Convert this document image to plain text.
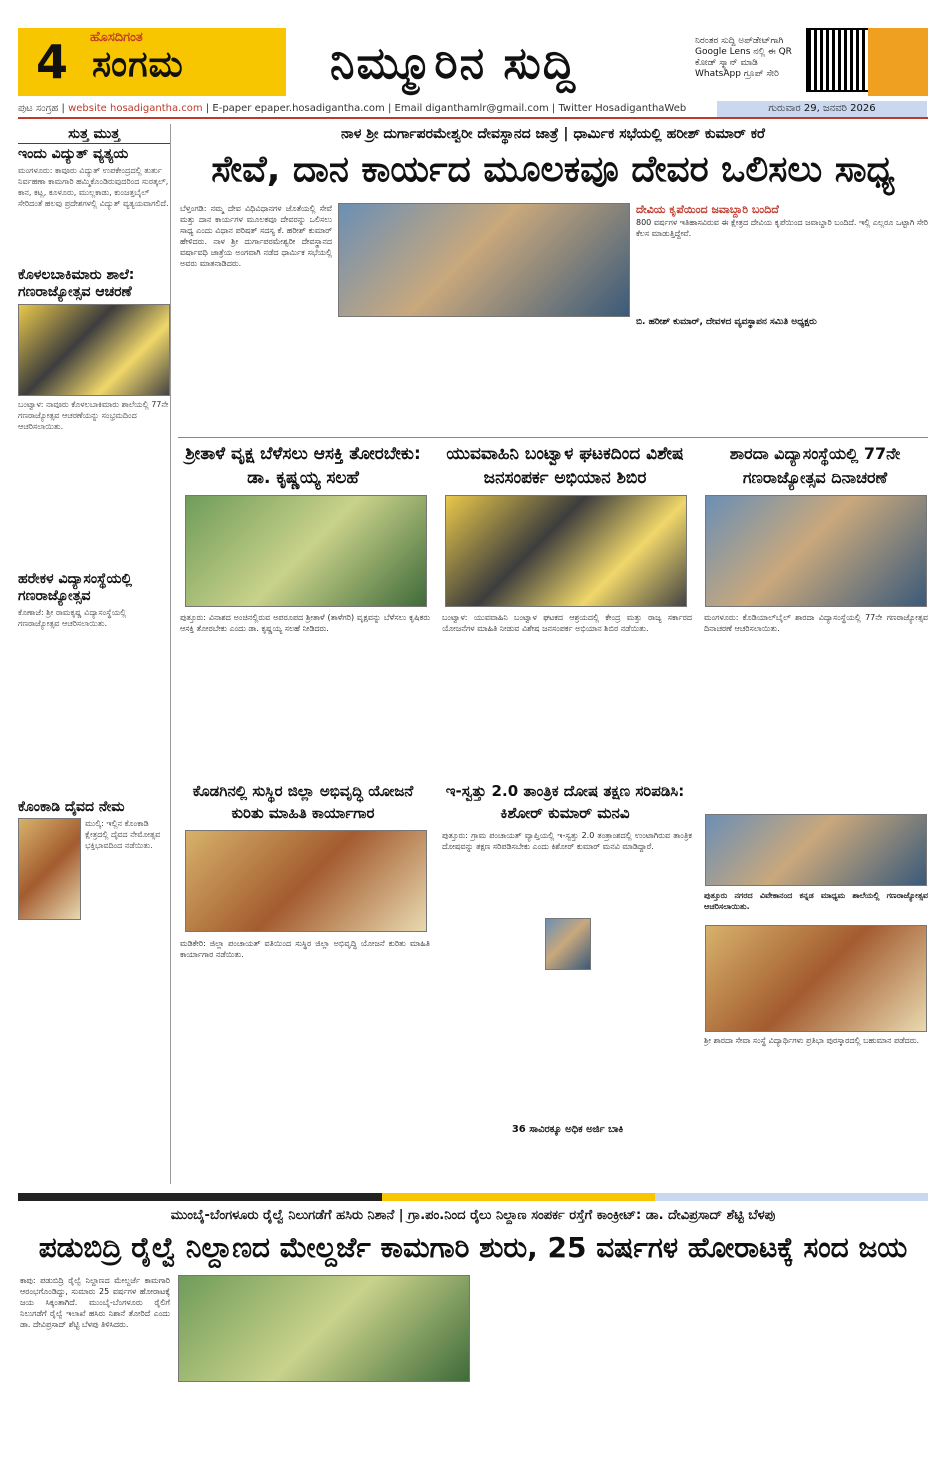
4	ಹೊಸದಿಗಂತ
ಸಂಗಮ	ನಿಮ್ಮೂರಿನ ಸುದ್ದಿ	ನಿರಂತರ ಸುದ್ದಿ ಅಪ್‌ಡೇಟ್‌ಗಾಗಿ Google Lens ನಲ್ಲಿ ಈ QR ಕೋಡ್ ಸ್ಕ್ಯಾನ್ ಮಾಡಿ WhatsApp ಗ್ರೂಪ್ ಸೇರಿ
ಪುಟ ಸಂಗ್ರಹ | website hosadigantha.com | E-paper epaper.hosadigantha.com | Email diganthamlr@gmail.com | Twitter HosadiganthaWeb	ಗುರುವಾರ 29, ಜನವರಿ 2026
ಸುತ್ತ ಮುತ್ತ
ಇಂದು ವಿದ್ಯುತ್ ವ್ಯತ್ಯಯ
ಮಂಗಳೂರು: ಕಾವೂರು ವಿದ್ಯುತ್ ಉಪಕೇಂದ್ರದಲ್ಲಿ ತುರ್ತು ನಿರ್ವಹಣಾ ಕಾಮಗಾರಿ ಹಮ್ಮಿಕೊಂಡಿರುವುದರಿಂದ ಸುರತ್ಕಲ್, ಕಾನ, ಕಟ್ಲ, ಕೂಳೂರು, ಮುಲ್ಲಕಾಡು, ಕುಂಜತ್ತಬೈಲ್ ಸೇರಿದಂತೆ ಹಲವು ಪ್ರದೇಶಗಳಲ್ಲಿ ವಿದ್ಯುತ್ ವ್ಯತ್ಯಯವಾಗಲಿದೆ.
ಕೊಳಲಬಾಕಿಮಾರು ಶಾಲೆ: ಗಣರಾಜ್ಯೋತ್ಸವ ಆಚರಣೆ
ಬಂಟ್ವಾಳ: ನಾವೂರು ಕೊಳಲಬಾಕಿಮಾರು ಶಾಲೆಯಲ್ಲಿ 77ನೇ ಗಣರಾಜ್ಯೋತ್ಸವ ಆಚರಣೆಯನ್ನು ಸಂಭ್ರಮದಿಂದ ಆಚರಿಸಲಾಯಿತು.
ಹರೇಕಳ ವಿದ್ಯಾಸಂಸ್ಥೆಯಲ್ಲಿ ಗಣರಾಜ್ಯೋತ್ಸವ
ಕೊಣಾಜೆ: ಶ್ರೀ ರಾಮಕೃಷ್ಣ ವಿದ್ಯಾಸಂಸ್ಥೆಯಲ್ಲಿ ಗಣರಾಜ್ಯೋತ್ಸವ ಆಚರಿಸಲಾಯಿತು.
ಕೊಂಕಾಡಿ ದೈವದ ನೇಮ
ಮುಲ್ಕಿ: ಇಲ್ಲಿನ ಕೊಂಕಾಡಿ ಕ್ಷೇತ್ರದಲ್ಲಿ ದೈವದ ನೇಮೋತ್ಸವ ಭಕ್ತಿಭಾವದಿಂದ ನಡೆಯಿತು.
ನಾಳ ಶ್ರೀ ದುರ್ಗಾಪರಮೇಶ್ವರೀ ದೇವಸ್ಥಾನದ ಜಾತ್ರೆ | ಧಾರ್ಮಿಕ ಸಭೆಯಲ್ಲಿ ಹರೀಶ್ ಕುಮಾರ್ ಕರೆ
ಸೇವೆ, ದಾನ ಕಾರ್ಯದ ಮೂಲಕವೂ ದೇವರ ಒಲಿಸಲು ಸಾಧ್ಯ
ಬೆಳ್ತಂಗಡಿ: ನಮ್ಮ ದೇವ ವಿಧಿವಿಧಾನಗಳ ಜೊತೆಯಲ್ಲಿ ಸೇವೆ ಮತ್ತು ದಾನ ಕಾರ್ಯಗಳ ಮೂಲಕವೂ ದೇವರನ್ನು ಒಲಿಸಲು ಸಾಧ್ಯ ಎಂದು ವಿಧಾನ ಪರಿಷತ್ ಸದಸ್ಯ ಕೆ. ಹರೀಶ್ ಕುಮಾರ್ ಹೇಳಿದರು. ನಾಳ ಶ್ರೀ ದುರ್ಗಾಪರಮೇಶ್ವರೀ ದೇವಸ್ಥಾನದ ವರ್ಷಾವಧಿ ಜಾತ್ರೆಯ ಅಂಗವಾಗಿ ನಡೆದ ಧಾರ್ಮಿಕ ಸಭೆಯಲ್ಲಿ ಅವರು ಮಾತನಾಡಿದರು.
ದೇವಿಯ ಕೃಪೆಯಿಂದ ಜವಾಬ್ದಾರಿ ಬಂದಿದೆ
800 ವರ್ಷಗಳ ಇತಿಹಾಸವಿರುವ ಈ ಕ್ಷೇತ್ರದ ದೇವಿಯ ಕೃಪೆಯಿಂದ ಜವಾಬ್ದಾರಿ ಬಂದಿದೆ. ಇಲ್ಲಿ ಎಲ್ಲರೂ ಒಟ್ಟಾಗಿ ಸೇರಿ ಕೆಲಸ ಮಾಡುತ್ತಿದ್ದೇವೆ.
ಬಿ. ಹರೀಶ್ ಕುಮಾರ್, ದೇವಳದ ವ್ಯವಸ್ಥಾಪನ ಸಮಿತಿ ಅಧ್ಯಕ್ಷರು
ಶ್ರೀತಾಳೆ ವೃಕ್ಷ ಬೆಳೆಸಲು ಆಸಕ್ತಿ ತೋರಬೇಕು: ಡಾ. ಕೃಷ್ಣಯ್ಯ ಸಲಹೆ
ಪುತ್ತೂರು: ವಿನಾಶದ ಅಂಚಿನಲ್ಲಿರುವ ಅಪರೂಪದ ಶ್ರೀತಾಳೆ (ತಾಳೆಗರಿ) ವೃಕ್ಷವನ್ನು ಬೆಳೆಸಲು ಕೃಷಿಕರು ಆಸಕ್ತಿ ತೋರಬೇಕು ಎಂದು ಡಾ. ಕೃಷ್ಣಯ್ಯ ಸಲಹೆ ನೀಡಿದರು.
ಯುವವಾಹಿನಿ ಬಂಟ್ವಾಳ ಘಟಕದಿಂದ ವಿಶೇಷ ಜನಸಂಪರ್ಕ ಅಭಿಯಾನ ಶಿಬಿರ
ಬಂಟ್ವಾಳ: ಯುವವಾಹಿನಿ ಬಂಟ್ವಾಳ ಘಟಕದ ಆಶ್ರಯದಲ್ಲಿ ಕೇಂದ್ರ ಮತ್ತು ರಾಜ್ಯ ಸರ್ಕಾರದ ಯೋಜನೆಗಳ ಮಾಹಿತಿ ನೀಡುವ ವಿಶೇಷ ಜನಸಂಪರ್ಕ ಅಭಿಯಾನ ಶಿಬಿರ ನಡೆಯಿತು.
ಶಾರದಾ ವಿದ್ಯಾಸಂಸ್ಥೆಯಲ್ಲಿ 77ನೇ ಗಣರಾಜ್ಯೋತ್ಸವ ದಿನಾಚರಣೆ
ಮಂಗಳೂರು: ಕೊಡಿಯಾಲ್‌ಬೈಲ್ ಶಾರದಾ ವಿದ್ಯಾಸಂಸ್ಥೆಯಲ್ಲಿ 77ನೇ ಗಣರಾಜ್ಯೋತ್ಸವ ದಿನಾಚರಣೆ ಆಚರಿಸಲಾಯಿತು.
ಕೊಡಗಿನಲ್ಲಿ ಸುಸ್ಥಿರ ಜಿಲ್ಲಾ ಅಭಿವೃದ್ಧಿ ಯೋಜನೆ ಕುರಿತು ಮಾಹಿತಿ ಕಾರ್ಯಾಗಾರ
ಮಡಿಕೇರಿ: ಜಿಲ್ಲಾ ಪಂಚಾಯತ್ ವತಿಯಿಂದ ಸುಸ್ಥಿರ ಜಿಲ್ಲಾ ಅಭಿವೃದ್ಧಿ ಯೋಜನೆ ಕುರಿತು ಮಾಹಿತಿ ಕಾರ್ಯಾಗಾರ ನಡೆಯಿತು.
ಇ-ಸ್ವತ್ತು 2.0 ತಾಂತ್ರಿಕ ದೋಷ ತಕ್ಷಣ ಸರಿಪಡಿಸಿ: ಕಿಶೋರ್ ಕುಮಾರ್ ಮನವಿ
ಪುತ್ತೂರು: ಗ್ರಾಮ ಪಂಚಾಯತ್ ವ್ಯಾಪ್ತಿಯಲ್ಲಿ ಇ-ಸ್ವತ್ತು 2.0 ತಂತ್ರಾಂಶದಲ್ಲಿ ಉಂಟಾಗಿರುವ ತಾಂತ್ರಿಕ ದೋಷವನ್ನು ತಕ್ಷಣ ಸರಿಪಡಿಸಬೇಕು ಎಂದು ಕಿಶೋರ್ ಕುಮಾರ್ ಮನವಿ ಮಾಡಿದ್ದಾರೆ.
36 ಸಾವಿರಕ್ಕೂ ಅಧಿಕ ಅರ್ಜಿ ಬಾಕಿ
ಪುತ್ತೂರು ನಗರದ ವಿವೇಕಾನಂದ ಕನ್ನಡ ಮಾಧ್ಯಮ ಶಾಲೆಯಲ್ಲಿ ಗಣರಾಜ್ಯೋತ್ಸವ ಆಚರಿಸಲಾಯಿತು.
ಶ್ರೀ ಶಾರದಾ ಸೇವಾ ಸಂಸ್ಥೆ ವಿದ್ಯಾರ್ಥಿಗಳು ಪ್ರತಿಭಾ ಪುರಸ್ಕಾರದಲ್ಲಿ ಬಹುಮಾನ ಪಡೆದರು.
ಮುಂಬೈ-ಬೆಂಗಳೂರು ರೈಲ್ವೆ ನಿಲುಗಡೆಗೆ ಹಸಿರು ನಿಶಾನೆ | ಗ್ರಾ.ಪಂ.ನಿಂದ ರೈಲು ನಿಲ್ದಾಣ ಸಂಪರ್ಕ ರಸ್ತೆಗೆ ಕಾಂಕ್ರೀಟ್: ಡಾ. ದೇವಿಪ್ರಸಾದ್ ಶೆಟ್ಟಿ ಬೆಳಪು
ಪಡುಬಿದ್ರಿ ರೈಲ್ವೆ ನಿಲ್ದಾಣದ ಮೇಲ್ದರ್ಜೆ ಕಾಮಗಾರಿ ಶುರು, 25 ವರ್ಷಗಳ ಹೋರಾಟಕ್ಕೆ ಸಂದ ಜಯ
ಕಾಪು: ಪಡುಬಿದ್ರಿ ರೈಲ್ವೆ ನಿಲ್ದಾಣದ ಮೇಲ್ದರ್ಜೆ ಕಾಮಗಾರಿ ಆರಂಭಗೊಂಡಿದ್ದು, ಸುಮಾರು 25 ವರ್ಷಗಳ ಹೋರಾಟಕ್ಕೆ ಜಯ ಸಿಕ್ಕಂತಾಗಿದೆ. ಮುಂಬೈ-ಬೆಂಗಳೂರು ರೈಲಿಗೆ ನಿಲುಗಡೆಗೆ ರೈಲ್ವೆ ಇಲಾಖೆ ಹಸಿರು ನಿಶಾನೆ ತೋರಿದೆ ಎಂದು ಡಾ. ದೇವಿಪ್ರಸಾದ್ ಶೆಟ್ಟಿ ಬೆಳಪು ತಿಳಿಸಿದರು.
